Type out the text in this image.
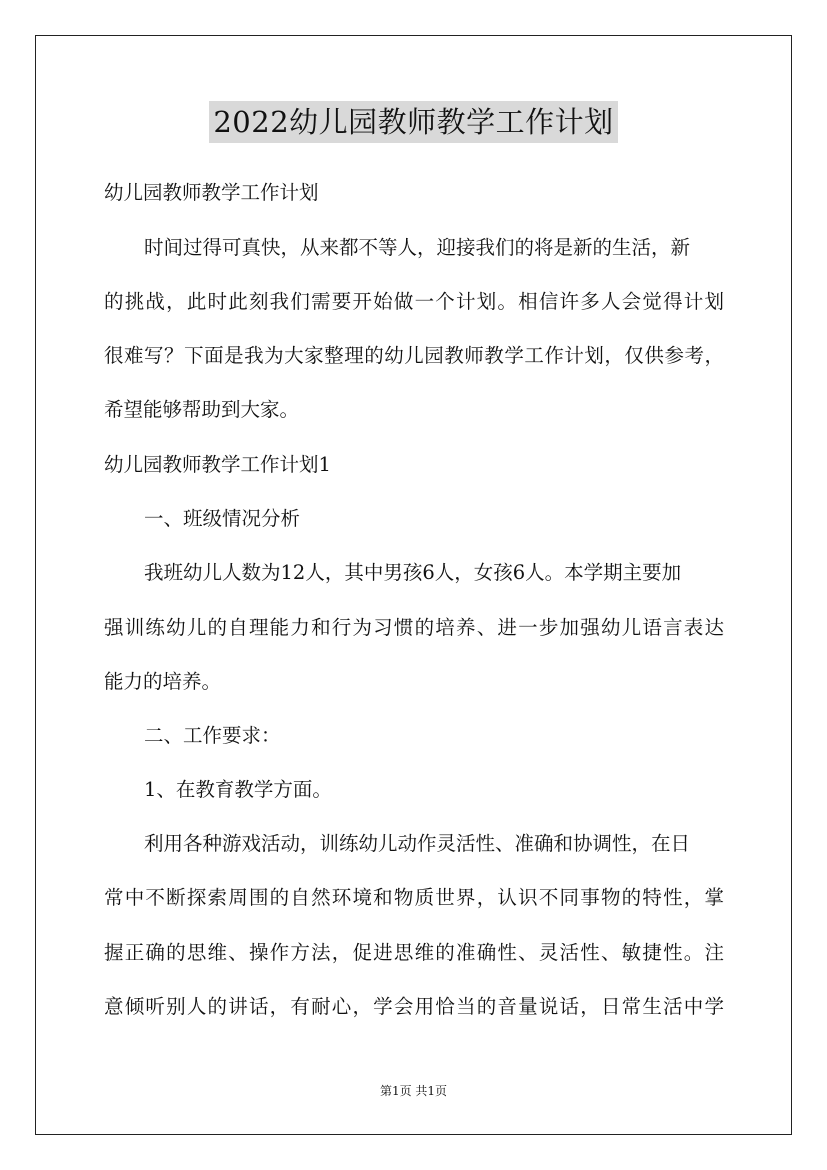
2022幼儿园教师教学工作计划
幼儿园教师教学工作计划
时间过得可真快，从来都不等人，迎接我们的将是新的生活，新
的挑战，此时此刻我们需要开始做一个计划。相信许多人会觉得计划
很难写？下面是我为大家整理的幼儿园教师教学工作计划，仅供参考，
希望能够帮助到大家。
幼儿园教师教学工作计划1
一、班级情况分析
我班幼儿人数为12人，其中男孩6人，女孩6人。本学期主要加
强训练幼儿的自理能力和行为习惯的培养、进一步加强幼儿语言表达
能力的培养。
二、工作要求：
1、在教育教学方面。
利用各种游戏活动，训练幼儿动作灵活性、准确和协调性，在日
常中不断探索周围的自然环境和物质世界，认识不同事物的特性，掌
握正确的思维、操作方法，促进思维的准确性、灵活性、敏捷性。注
意倾听别人的讲话，有耐心，学会用恰当的音量说话，日常生活中学
第1页 共1页
